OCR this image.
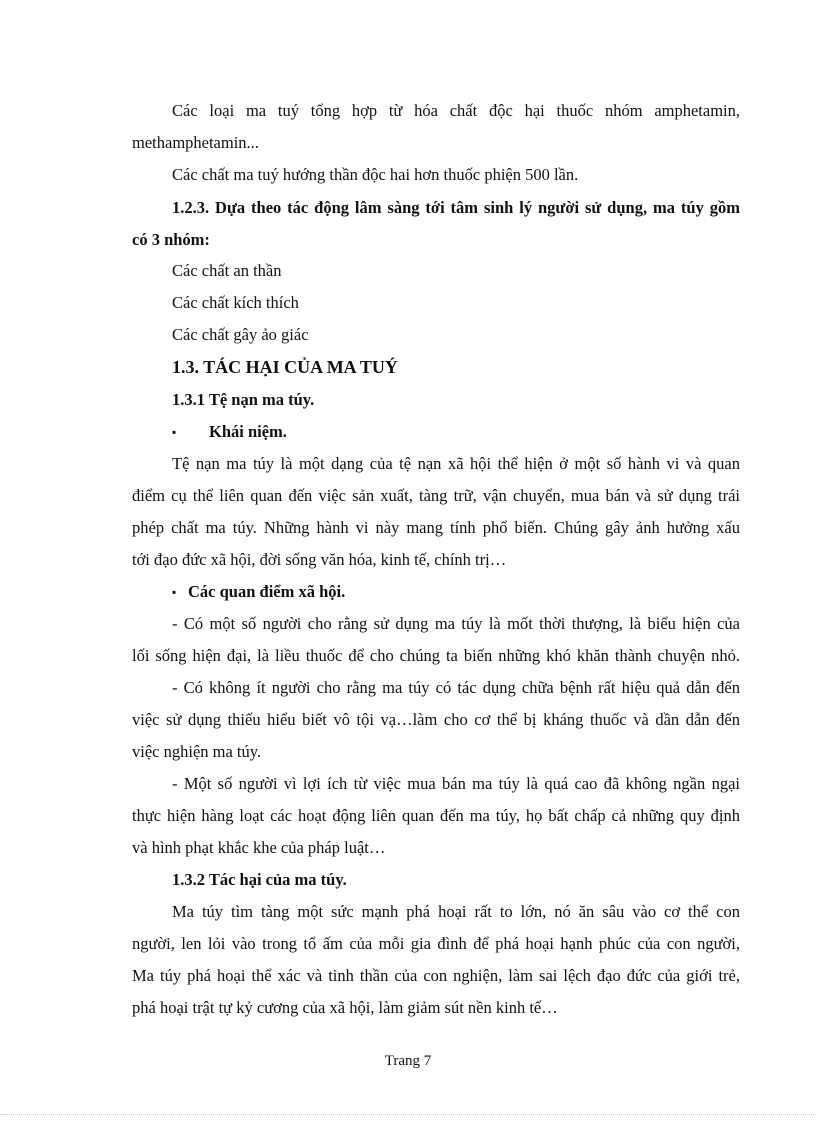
Các loại ma tuý tổng hợp từ hóa chất độc hại thuốc nhóm amphetamin,
methamphetamin...
Các chất ma tuý hướng thần độc hai hơn thuốc phiện 500 lần.
1.2.3. Dựa theo tác động lâm sàng tới tâm sinh lý người sử dụng, ma túy gồm
có 3 nhóm:
Các chất an thần
Các chất kích thích
Các chất gây ảo giác
1.3. TÁC HẠI CỦA MA TUÝ
1.3.1 Tệ nạn ma túy.
▪ Khái niệm.
Tệ nạn ma túy là một dạng của tệ nạn xã hội thể hiện ở một số hành vi và quan
điểm cụ thể liên quan đến việc sản xuất, tàng trữ, vận chuyển, mua bán và sử dụng trái
phép chất ma túy. Những hành vi này mang tính phổ biến. Chúng gây ảnh hưởng xấu
tới đạo đức xã hội, đời sống văn hóa, kinh tế, chính trị…
▪ Các quan điểm xã hội.
- Có một số người cho rằng sử dụng ma túy là mốt thời thượng, là biểu hiện của
lối sống hiện đại, là liều thuốc để cho chúng ta biến những khó khăn thành chuyện nhỏ.
- Có không ít người cho rằng ma túy có tác dụng chữa bệnh rất hiệu quả dẫn đến
việc sử dụng thiếu hiểu biết vô tội vạ…làm cho cơ thể bị kháng thuốc và dần dẫn đến
việc nghiện ma túy.
- Một số người vì lợi ích từ việc mua bán ma túy là quá cao đã không ngần ngại
thực hiện hàng loạt các hoạt động liên quan đến ma túy, họ bất chấp cả những quy định
và hình phạt khắc khe của pháp luật…
1.3.2 Tác hại của ma túy.
Ma túy tìm tàng một sức mạnh phá hoại rất to lớn, nó ăn sâu vào cơ thể con
người, len lỏi vào trong tổ ấm của mỗi gia đình để phá hoại hạnh phúc của con người,
Ma túy phá hoại thể xác và tinh thần của con nghiện, làm sai lệch đạo đức của giới trẻ,
phá hoại trật tự kỷ cương của xã hội, làm giảm sút nền kinh tế…
Trang 7
